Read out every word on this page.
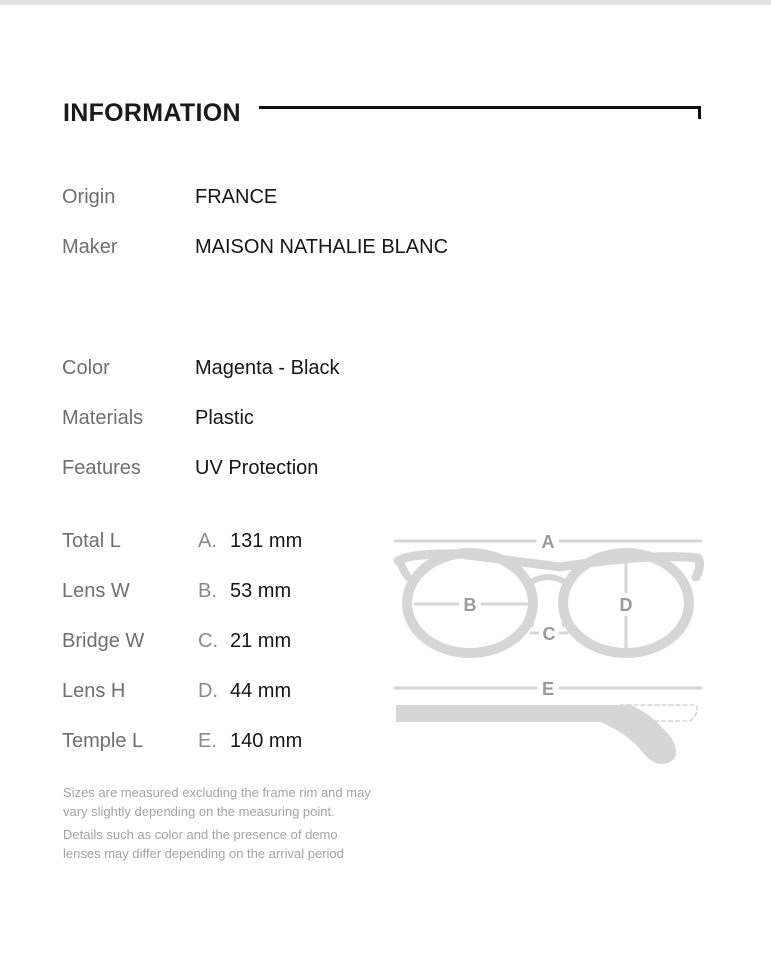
INFORMATION
Origin	FRANCE
Maker	MAISON NATHALIE BLANC
Color	Magenta - Black
Materials	Plastic
Features	UV Protection
Total L	A. 131 mm
Lens W	B. 53 mm
Bridge W	C. 21 mm
Lens H	D. 44 mm
Temple L	E. 140 mm
Sizes are measured excluding the frame rim and may
vary slightly depending on the measuring point.
Details such as color and the presence of demo
lenses may differ depending on the arrival period
A
B
C
D
E
